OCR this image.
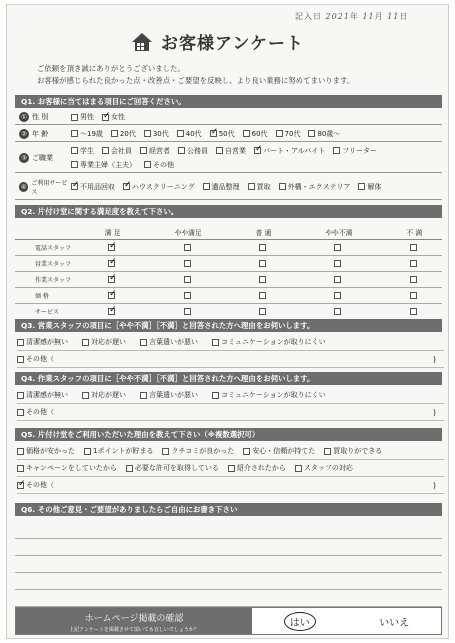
記入日 2021年 11月 11日
お客様アンケート
ご依頼を頂き誠にありがとうございました。
お客様が感じられた良かった点・改善点・ご要望を反映し、より良い業務に努めてまいります。
Q1. お客様に当てはまる項目にご回答ください。
① 性 別	男性 ✓	女性
② 年 齢	～19歳	20代	30代	40代 ✓	50代	60代	70代	80歳～
③ ご職業
学生	会社員	経営者	公務員	自営業 ✓	パート・アルバイト	フリーター
専業主婦（主夫）	その他
④ ご利用サービス
✓不用品回収 ✓	ハウスクリーニング	遺品整理	買取	外構・エクステリア	解体
Q2. 片付け堂に関する満足度を教えて下さい。
	満 足	やや満足	普 通	やや不満	不 満
電話スタッフ	✓				
営業スタッフ	✓				
作業スタッフ	✓				
価 格	✓				
サービス	✓				
Q3. 営業スタッフの項目に［やや不満］［不満］と回答された方へ理由をお伺いします。
清潔感が無い	対応が遅い	言葉遣いが悪い	コミュニケーションが取りにくい
その他（	)
Q4. 作業スタッフの項目に［やや不満］［不満］と回答された方へ理由をお伺いします。
清潔感が無い	対応が遅い	言葉遣いが悪い	コミュニケーションが取りにくい
その他（	)
Q5. 片付け堂をご利用いただいた理由を教えて下さい（※複数選択可）
価格が安かった	1ポイントが貯まる	クチコミが良かった	安心・信頼が持てた	買取りができる
キャンペーンをしていたから	必要な許可を取得している	紹介されたから	スタッフの対応
✓
その他（	)
Q6. その他ご意見・ご要望がありましたらご自由にお書き下さい
ホームページ掲載の確認
上記アンケートを掲載させて頂いても宜しいでしょうか？
はい	いいえ
